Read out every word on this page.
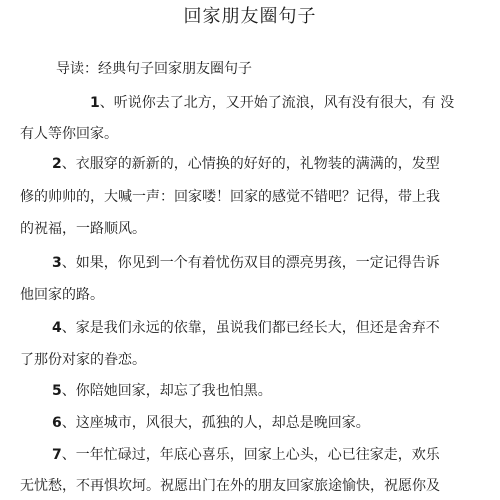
回家朋友圈句子
导读：经典句子回家朋友圈句子
1、听说你去了北方，又开始了流浪，风有没有很大，有 没
有人等你回家。
2、衣服穿的新新的，心情换的好好的，礼物装的满满的，发型
修的帅帅的，大喊一声：回家喽！回家的感觉不错吧？记得，带上我
的祝福，一路顺风。
3、如果，你见到一个有着忧伤双目的漂亮男孩，一定记得告诉
他回家的路。
4、家是我们永远的依靠，虽说我们都已经长大，但还是舍弃不
了那份对家的眷恋。
5、你陪她回家，却忘了我也怕黑。
6、这座城市，风很大，孤独的人，却总是晚回家。
7、一年忙碌过，年底心喜乐，回家上心头，心已往家走，欢乐
无忧愁，不再惧坎坷。祝愿出门在外的朋友回家旅途愉快，祝愿你及
